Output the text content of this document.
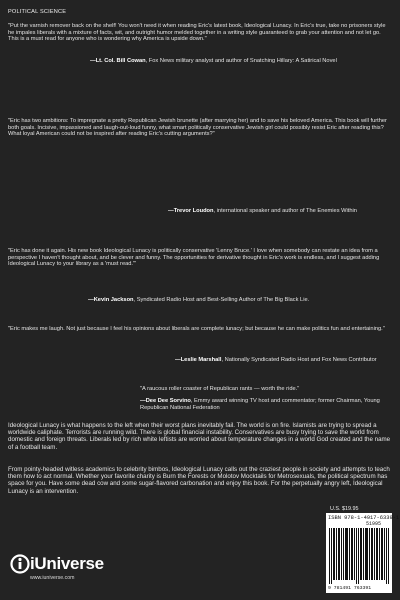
POLITICAL SCIENCE

"Put the varnish remover back on the shelf! You won't need it when reading Eric's latest book, Ideological Lunacy. In Eric's true, take no prisoners style he impales liberals with a mixture of facts, wit, and outright humor melded together in a writing style guaranteed to grab your attention and not let go. This is a must read for anyone who is wondering why America is upside down."

—Lt. Col. Bill Cowan, Fox News military analyst and author of Snatching Hillary: A Satirical Novel

"Eric has two ambitions: To impregnate a pretty Republican Jewish brunette (after marrying her) and to save his beloved America. This book will further both goals. Incisive, impassioned and laugh-out-loud funny, what smart politically conservative Jewish girl could possibly resist Eric after reading this? What loyal American could not be inspired after reading Eric's cutting arguments?"

—Trevor Loudon, international speaker and author of The Enemies Within

"Eric has done it again. His new book Ideological Lunacy is politically conservative 'Lenny Bruce.' I love when somebody can restate an idea from a perspective I haven't thought about, and be clever and funny. The opportunities for derivative thought in Eric's work is endless, and I suggest adding Ideological Lunacy to your library as a 'must read.'"

—Kevin Jackson, Syndicated Radio Host and Best-Selling Author of The Big Black Lie.

"Eric makes me laugh. Not just because I feel his opinions about liberals are complete lunacy; but because he can make politics fun and entertaining."

—Leslie Marshall, Nationally Syndicated Radio Host and Fox News Contributor

"A raucous roller coaster of Republican rants — worth the ride."

—Dee Dee Sorvino, Emmy award winning TV host and commentator; former Chairman, Young Republican National Federation

Ideological Lunacy is what happens to the left when their worst plans inevitably fail. The world is on fire. Islamists are trying to spread a worldwide caliphate. Terrorists are running wild. There is global financial instability. Conservatives are busy trying to save the world from domestic and foreign threats. Liberals led by rich white leftists are worried about temperature changes in a world God created and the name of a football team.

From pointy-headed witless academics to celebrity bimbos, Ideological Lunacy calls out the craziest people in society and attempts to teach them how to act normal. Whether your favorite charity is Burn the Forests or Molotov Mocktails for Metrosexuals, the political spectrum has space for you. Have some dead cow and some sugar-flavored carbonation and enjoy this book. For the perpetually angry left, Ideological Lunacy is an intervention.

iUniverse
www.iuniverse.com
U.S. $19.95
ISBN 978-1-4917-6339-1
51995
9 781491 763391
